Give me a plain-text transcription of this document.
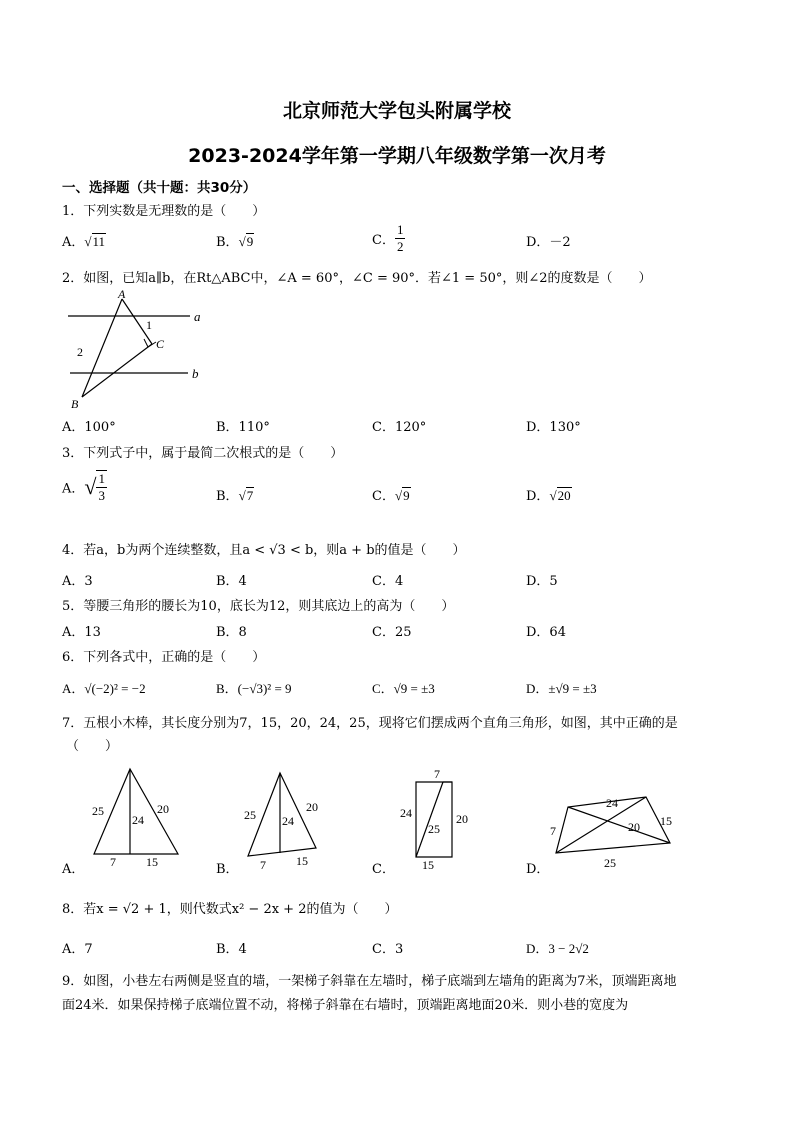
北京师范大学包头附属学校
2023-2024学年第一学期八年级数学第一次月考
一、选择题（共十题：共30分）
1．下列实数是无理数的是（　　）
A．√11	B．√9	C． $\frac{1}{2}$	D．－2
2．如图，已知a∥b，在Rt△ABC中，∠A = 60°，∠C = 90°．若∠1 = 50°，则∠2的度数是（　　）
a
b
A
B
C
1
2
A．100°	B．110°	C．120°	D．130°
3．下列式子中，属于最简二次根式的是（　　）
A．√ $\frac{1}{3}$	B．√7	C．√9	D．√20
4．若a，b为两个连续整数，且a < √3 < b，则a + b的值是（　　）
A．3	B．4	C．4	D．5
5．等腰三角形的腰长为10，底长为12，则其底边上的高为（　　）
A．13	B．8	C．25	D．64
6．下列各式中，正确的是（　　）
A．√(−2)² = −2	B．(−√3)² = 9	C．√9 = ±3	D．±√9 = ±3
7．五根小木棒，其长度分别为7，15，20，24，25，现将它们摆成两个直角三角形，如图，其中正确的是
（　　）
25
24
20
7	15
25 24
20
7	15
7
24
25
20
15
7
24
20 15
25
A．	B．	C．	D．
8．若x = √2 + 1，则代数式x² − 2x + 2的值为（　　）
A．7	B．4	C．3	D．3 − 2√2
9．如图，小巷左右两侧是竖直的墙，一架梯子斜靠在左墙时，梯子底端到左墙角的距离为7米，顶端距离地
面24米．如果保持梯子底端位置不动，将梯子斜靠在右墙时，顶端距离地面20米．则小巷的宽度为
